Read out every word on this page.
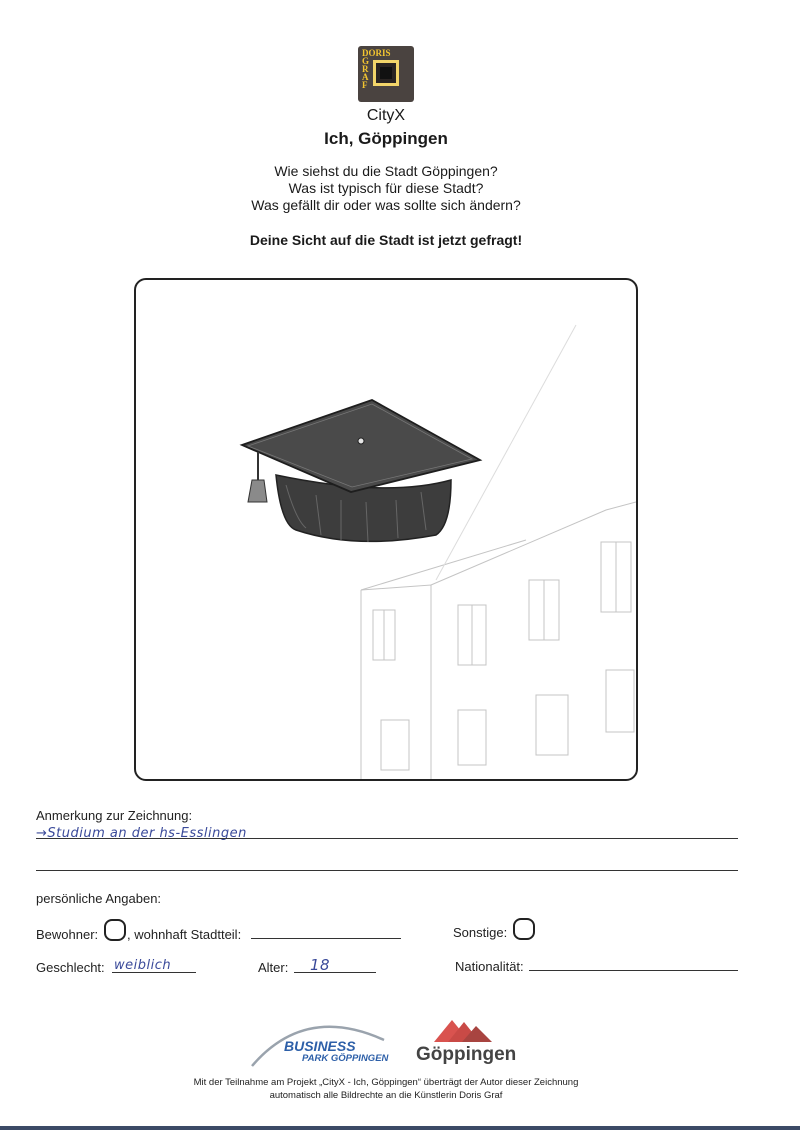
DORIS
G
R
A
F
CityX
Ich, Göppingen
Wie siehst du die Stadt Göppingen?
Was ist typisch für diese Stadt?
Was gefällt dir oder was sollte sich ändern?
Deine Sicht auf die Stadt ist jetzt gefragt!
Anmerkung zur Zeichnung:
→Studium an der hs-Esslingen
persönliche Angaben:
Bewohner: , wohnhaft Stadtteil:	Sonstige:
Geschlecht: weiblich	Alter: 18	Nationalität:
BUSINESS
PARK GÖPPINGEN Göppingen
Mit der Teilnahme am Projekt „CityX - Ich, Göppingen“ überträgt der Autor dieser Zeichnung
automatisch alle Bildrechte an die Künstlerin Doris Graf
